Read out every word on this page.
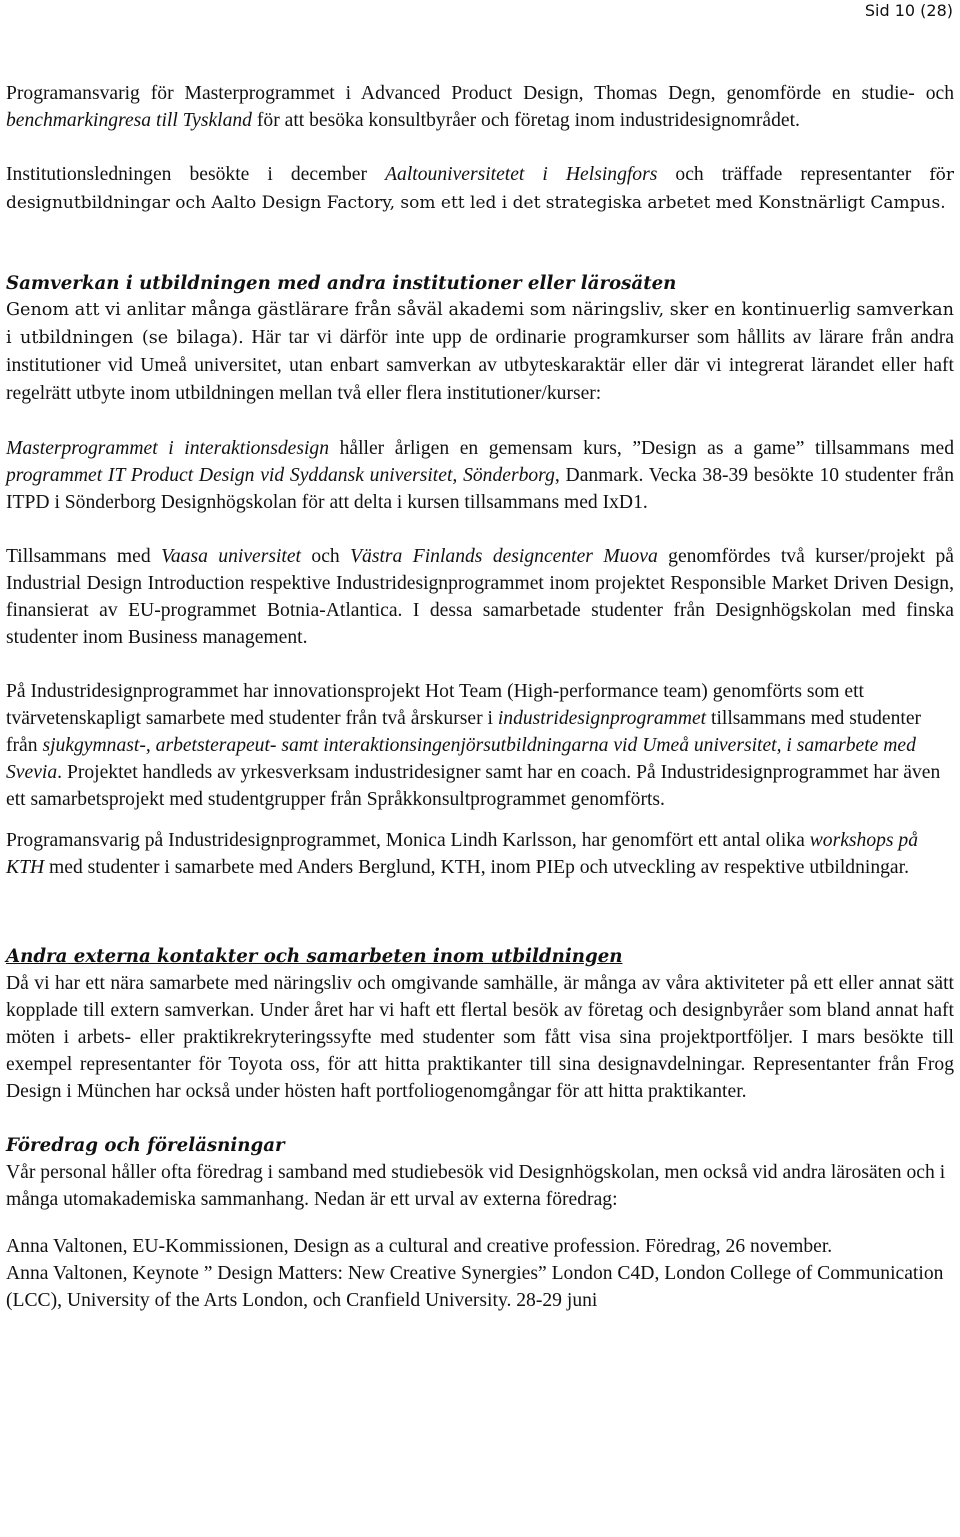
Sid 10 (28)

Programansvarig för Masterprogrammet i Advanced Product Design, Thomas Degn, genomförde en studie- och benchmarkingresa till Tyskland för att besöka konsultbyråer och företag inom industridesignområdet.

Institutionsledningen besökte i december Aaltouniversitetet i Helsingfors och träffade representanter för designutbildningar och Aalto Design Factory, som ett led i det strategiska arbetet med Konstnärligt Campus.

Samverkan i utbildningen med andra institutioner eller lärosäten

Genom att vi anlitar många gästlärare från såväl akademi som näringsliv, sker en kontinuerlig samverkan i utbildningen (se bilaga). Här tar vi därför inte upp de ordinarie programkurser som hållits av lärare från andra institutioner vid Umeå universitet, utan enbart samverkan av utbyteskaraktär eller där vi integrerat lärandet eller haft regelrätt utbyte inom utbildningen mellan två eller flera institutioner/kurser:

Masterprogrammet i interaktionsdesign håller årligen en gemensam kurs, ”Design as a game” tillsammans med programmet IT Product Design vid Syddansk universitet, Sönderborg, Danmark. Vecka 38-39 besökte 10 studenter från ITPD i Sönderborg Designhögskolan för att delta i kursen tillsammans med IxD1.

Tillsammans med Vaasa universitet och Västra Finlands designcenter Muova genomfördes två kurser/projekt på Industrial Design Introduction respektive Industridesignprogrammet inom projektet Responsible Market Driven Design, finansierat av EU-programmet Botnia-Atlantica. I dessa samarbetade studenter från Designhögskolan med finska studenter inom Business management.

På Industridesignprogrammet har innovationsprojekt Hot Team (High-performance team) genomförts som ett tvärvetenskapligt samarbete med studenter från två årskurser i industridesignprogrammet tillsammans med studenter från sjukgymnast-, arbetsterapeut- samt interaktionsingenjörsutbildningarna vid Umeå universitet, i samarbete med Svevia. Projektet handleds av yrkesverksam industridesigner samt har en coach. På Industridesignprogrammet har även ett samarbetsprojekt med studentgrupper från Språkkonsultprogrammet genomförts.

Programansvarig på Industridesignprogrammet, Monica Lindh Karlsson, har genomfört ett antal olika workshops på KTH med studenter i samarbete med Anders Berglund, KTH, inom PIEp och utveckling av respektive utbildningar.

Andra externa kontakter och samarbeten inom utbildningen

Då vi har ett nära samarbete med näringsliv och omgivande samhälle, är många av våra aktiviteter på ett eller annat sätt kopplade till extern samverkan. Under året har vi haft ett flertal besök av företag och designbyråer som bland annat haft möten i arbets- eller praktikrekryteringssyfte med studenter som fått visa sina projektportföljer. I mars besökte till exempel representanter för Toyota oss, för att hitta praktikanter till sina designavdelningar. Representanter från Frog Design i München har också under hösten haft portfoliogenomgångar för att hitta praktikanter.

Föredrag och föreläsningar

Vår personal håller ofta föredrag i samband med studiebesök vid Designhögskolan, men också vid andra lärosäten och i många utomakademiska sammanhang. Nedan är ett urval av externa föredrag:

Anna Valtonen, EU-Kommissionen, Design as a cultural and creative profession. Föredrag, 26 november.

Anna Valtonen, Keynote ” Design Matters: New Creative Synergies” London C4D, London College of Communication (LCC), University of the Arts London, och Cranfield University. 28-29 juni
